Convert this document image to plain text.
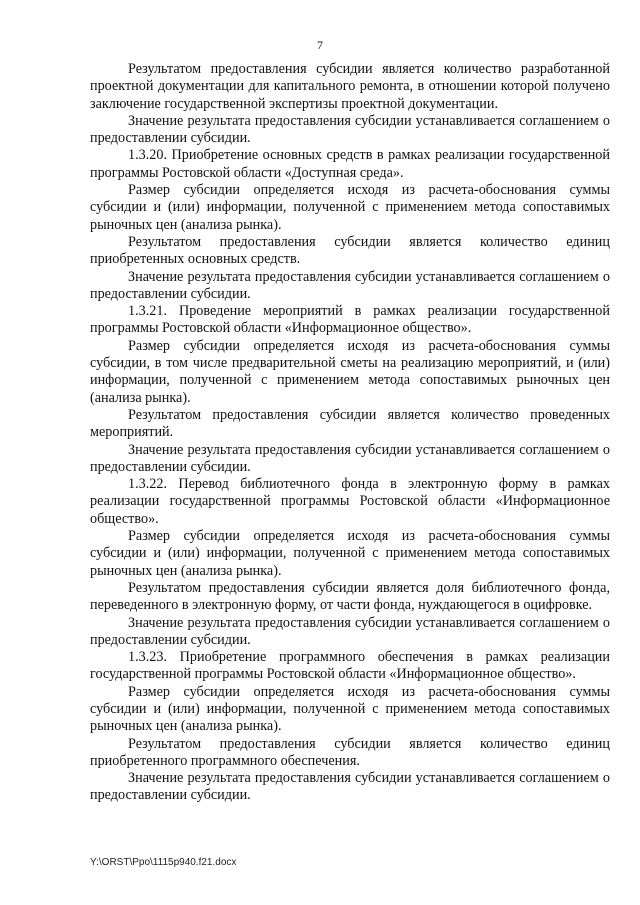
7

Результатом предоставления субсидии является количество разработанной проектной документации для капитального ремонта, в отношении которой получено заключение государственной экспертизы проектной документации.

Значение результата предоставления субсидии устанавливается соглашением о предоставлении субсидии.

1.3.20. Приобретение основных средств в рамках реализации государственной программы Ростовской области «Доступная среда».

Размер субсидии определяется исходя из расчета-обоснования суммы субсидии и (или) информации, полученной с применением метода сопоставимых рыночных цен (анализа рынка).

Результатом предоставления субсидии является количество единиц приобретенных основных средств.

Значение результата предоставления субсидии устанавливается соглашением о предоставлении субсидии.

1.3.21. Проведение мероприятий в рамках реализации государственной программы Ростовской области «Информационное общество».

Размер субсидии определяется исходя из расчета-обоснования суммы субсидии, в том числе предварительной сметы на реализацию мероприятий, и (или) информации, полученной с применением метода сопоставимых рыночных цен (анализа рынка).

Результатом предоставления субсидии является количество проведенных мероприятий.

Значение результата предоставления субсидии устанавливается соглашением о предоставлении субсидии.

1.3.22. Перевод библиотечного фонда в электронную форму в рамках реализации государственной программы Ростовской области «Информационное общество».

Размер субсидии определяется исходя из расчета-обоснования суммы субсидии и (или) информации, полученной с применением метода сопоставимых рыночных цен (анализа рынка).

Результатом предоставления субсидии является доля библиотечного фонда, переведенного в электронную форму, от части фонда, нуждающегося в оцифровке.

Значение результата предоставления субсидии устанавливается соглашением о предоставлении субсидии.

1.3.23. Приобретение программного обеспечения в рамках реализации государственной программы Ростовской области «Информационное общество».

Размер субсидии определяется исходя из расчета-обоснования суммы субсидии и (или) информации, полученной с применением метода сопоставимых рыночных цен (анализа рынка).

Результатом предоставления субсидии является количество единиц приобретенного программного обеспечения.

Значение результата предоставления субсидии устанавливается соглашением о предоставлении субсидии.

Y:\ORST\Ppo\1115p940.f21.docx
